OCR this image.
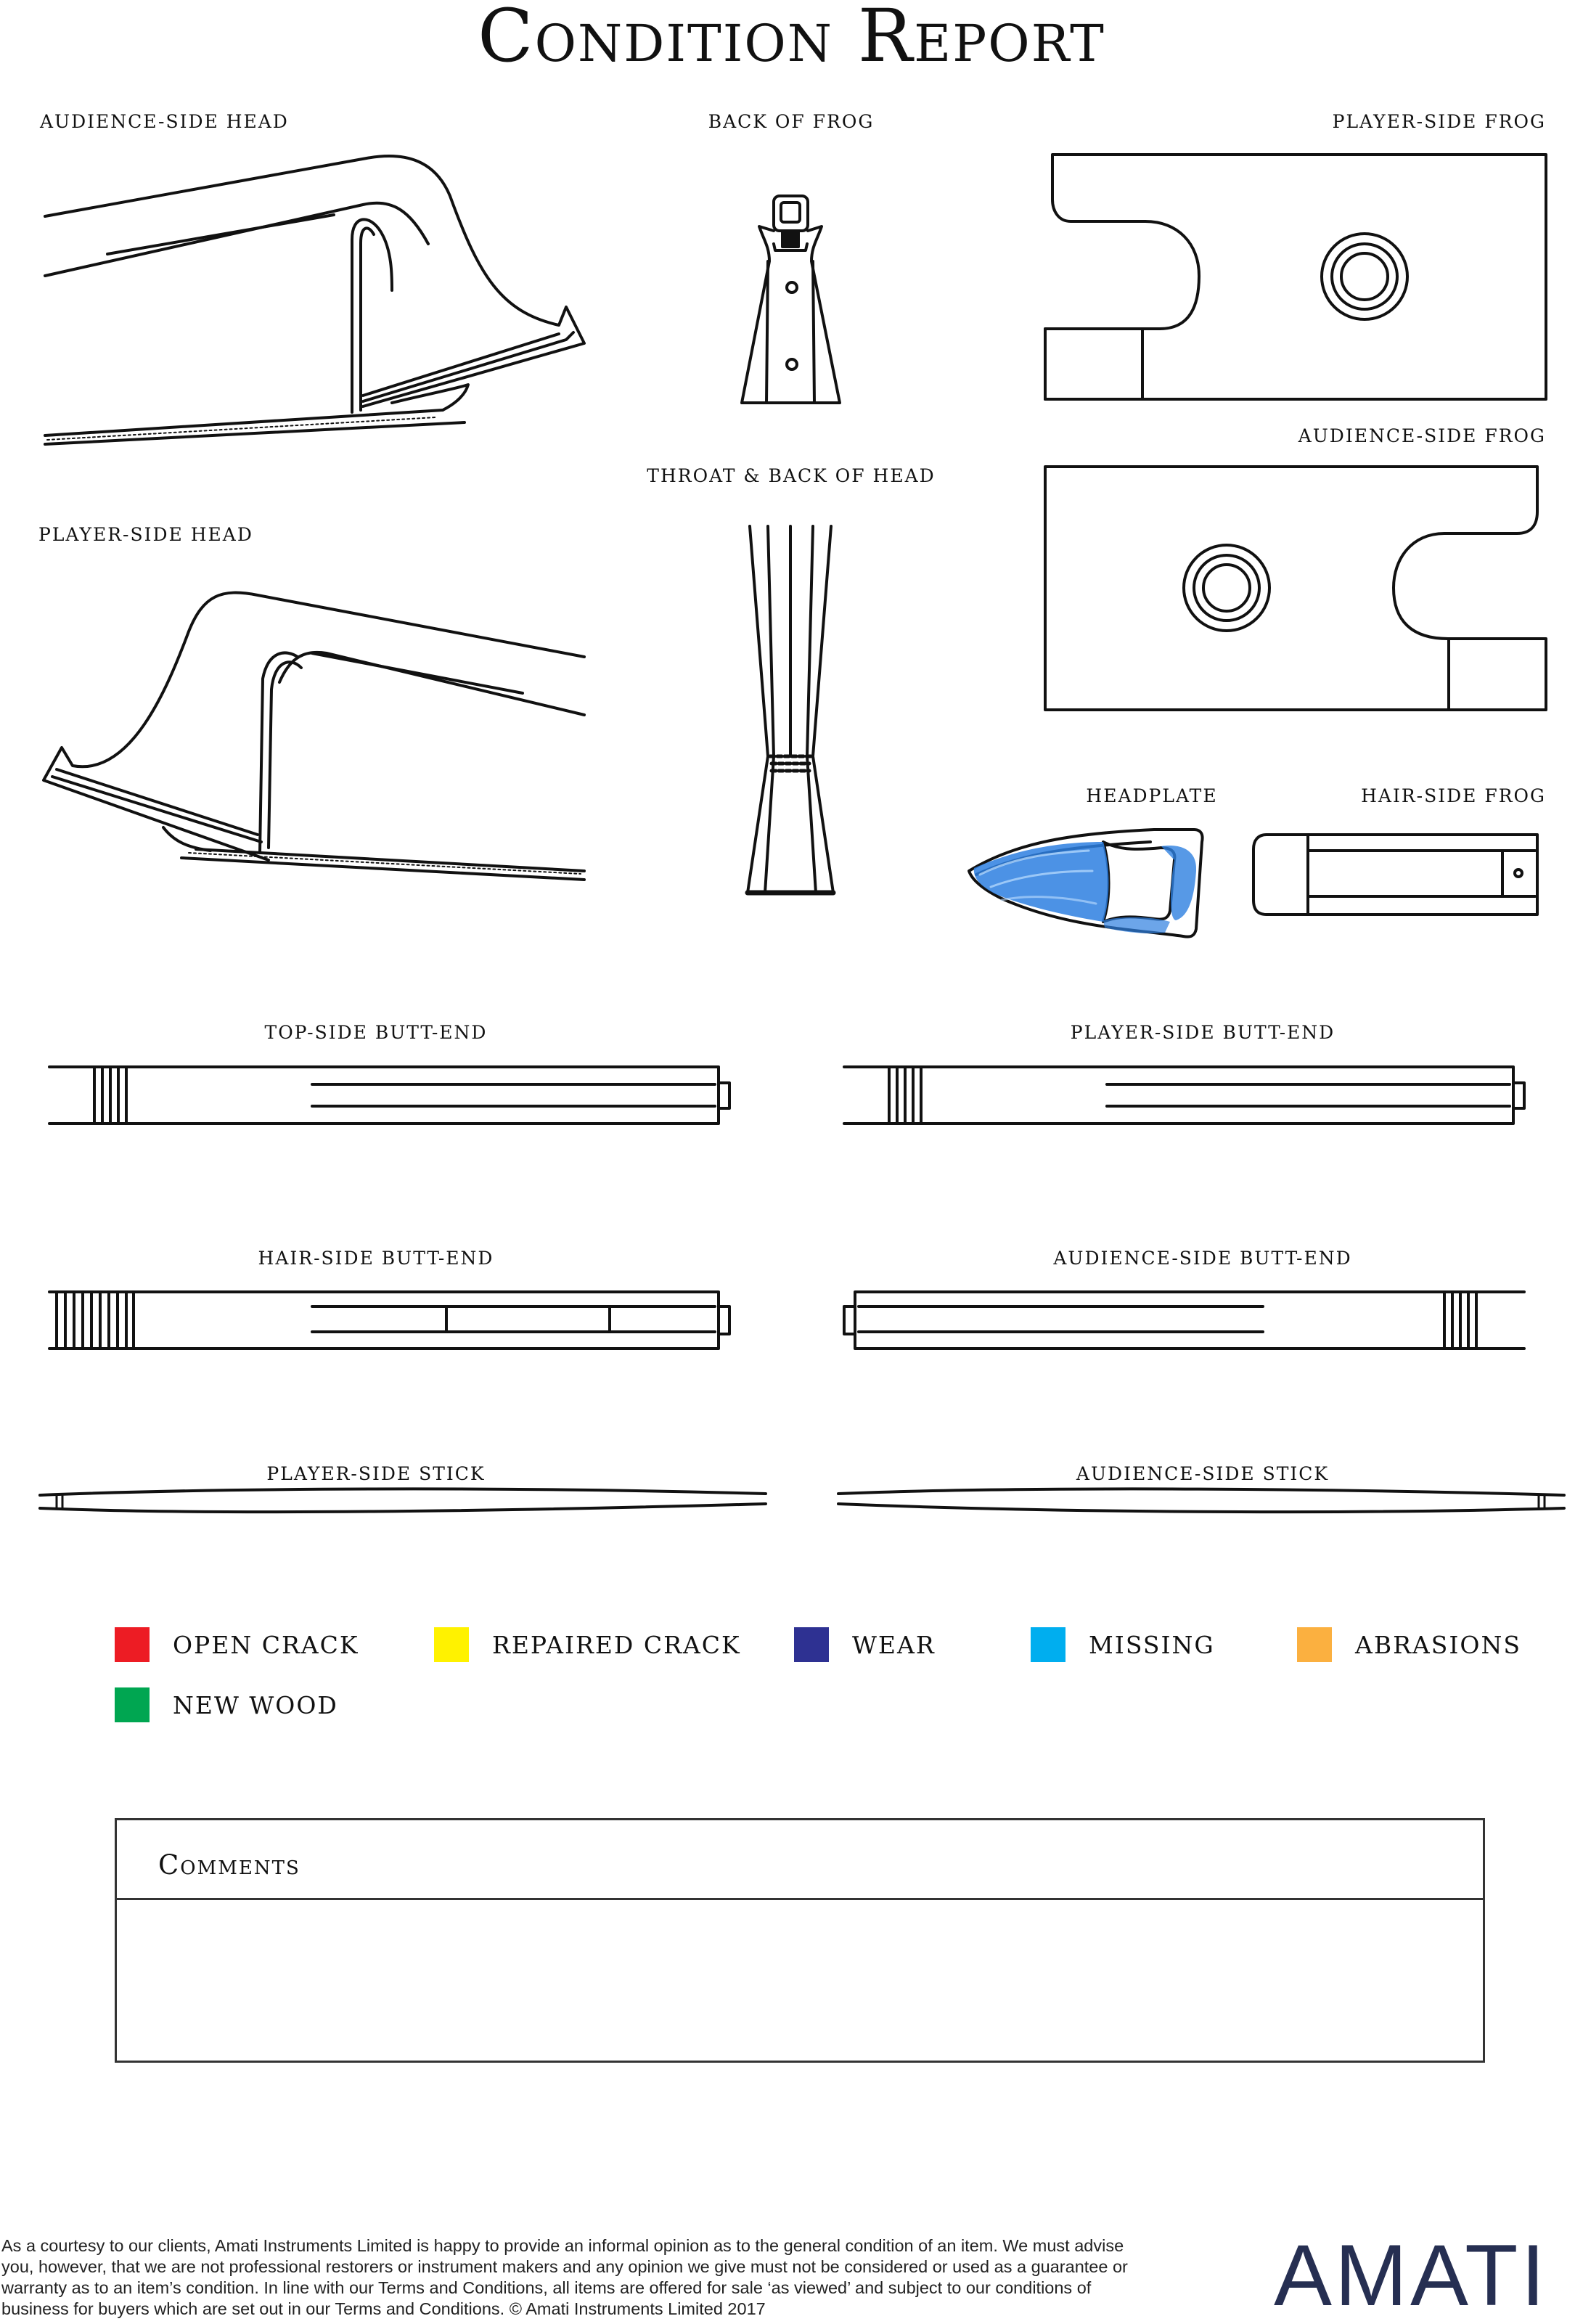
Condition Report
AUDIENCE-SIDE HEAD	BACK OF FROG	PLAYER-SIDE FROG
AUDIENCE-SIDE FROG
THROAT & BACK OF HEAD
PLAYER-SIDE HEAD
HEADPLATE	HAIR-SIDE FROG
TOP-SIDE BUTT-END	PLAYER-SIDE BUTT-END
HAIR-SIDE BUTT-END	AUDIENCE-SIDE BUTT-END
PLAYER-SIDE STICK	AUDIENCE-SIDE STICK
OPEN CRACK	REPAIRED CRACK	WEAR	MISSING	ABRASIONS
NEW WOOD
Comments
As a courtesy to our clients, Amati Instruments Limited is happy to provide an informal opinion as to the general condition of an item. We must advise you, however, that we are not professional restorers or instrument makers and any opinion we give must not be considered or used as a guarantee or warranty as to an item’s condition. In line with our Terms and Conditions, all items are offered for sale ‘as viewed’ and subject to our conditions of business for buyers which are set out in our Terms and Conditions. © Amati Instruments Limited 2017	AMATI
